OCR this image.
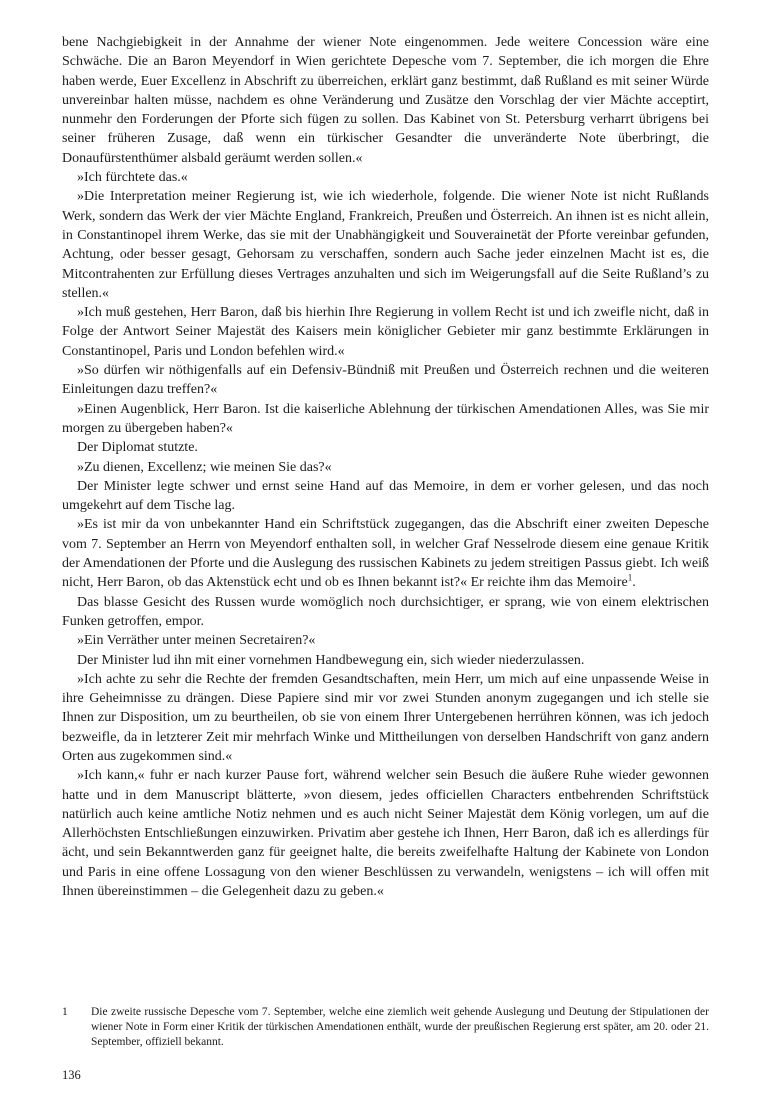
bene Nachgiebigkeit in der Annahme der wiener Note eingenommen. Jede weitere Concession wäre eine Schwäche. Die an Baron Meyendorf in Wien gerichtete Depesche vom 7. September, die ich morgen die Ehre haben werde, Euer Excellenz in Abschrift zu überreichen, erklärt ganz bestimmt, daß Rußland es mit seiner Würde unvereinbar halten müsse, nachdem es ohne Veränderung und Zusätze den Vorschlag der vier Mächte acceptirt, nunmehr den Forderungen der Pforte sich fügen zu sollen. Das Kabinet von St. Petersburg verharrt übrigens bei seiner früheren Zusage, daß wenn ein türkischer Gesandter die unveränderte Note überbringt, die Donaufürstenthümer alsbald geräumt werden sollen.«

»Ich fürchtete das.«

»Die Interpretation meiner Regierung ist, wie ich wiederhole, folgende. Die wiener Note ist nicht Rußlands Werk, sondern das Werk der vier Mächte England, Frankreich, Preußen und Österreich. An ihnen ist es nicht allein, in Constantinopel ihrem Werke, das sie mit der Unabhängigkeit und Souverainetät der Pforte vereinbar gefunden, Achtung, oder besser gesagt, Gehorsam zu verschaffen, sondern auch Sache jeder einzelnen Macht ist es, die Mitcontrahenten zur Erfüllung dieses Vertrages anzuhalten und sich im Weigerungsfall auf die Seite Rußland’s zu stellen.«

»Ich muß gestehen, Herr Baron, daß bis hierhin Ihre Regierung in vollem Recht ist und ich zweifle nicht, daß in Folge der Antwort Seiner Majestät des Kaisers mein königlicher Gebieter mir ganz bestimmte Erklärungen in Constantinopel, Paris und London befehlen wird.«

»So dürfen wir nöthigenfalls auf ein Defensiv-Bündniß mit Preußen und Österreich rechnen und die weiteren Einleitungen dazu treffen?«

»Einen Augenblick, Herr Baron. Ist die kaiserliche Ablehnung der türkischen Amendationen Alles, was Sie mir morgen zu übergeben haben?«

Der Diplomat stutzte.

»Zu dienen, Excellenz; wie meinen Sie das?«

Der Minister legte schwer und ernst seine Hand auf das Memoire, in dem er vorher gelesen, und das noch umgekehrt auf dem Tische lag.

»Es ist mir da von unbekannter Hand ein Schriftstück zugegangen, das die Abschrift einer zweiten Depesche vom 7. September an Herrn von Meyendorf enthalten soll, in welcher Graf Nesselrode diesem eine genaue Kritik der Amendationen der Pforte und die Auslegung des russischen Kabinets zu jedem streitigen Passus giebt. Ich weiß nicht, Herr Baron, ob das Aktenstück echt und ob es Ihnen bekannt ist?« Er reichte ihm das Memoire$^1$.

Das blasse Gesicht des Russen wurde womöglich noch durchsichtiger, er sprang, wie von einem elektrischen Funken getroffen, empor.

»Ein Verräther unter meinen Secretairen?«

Der Minister lud ihn mit einer vornehmen Handbewegung ein, sich wieder niederzulassen.

»Ich achte zu sehr die Rechte der fremden Gesandtschaften, mein Herr, um mich auf eine unpassende Weise in ihre Geheimnisse zu drängen. Diese Papiere sind mir vor zwei Stunden anonym zugegangen und ich stelle sie Ihnen zur Disposition, um zu beurtheilen, ob sie von einem Ihrer Untergebenen herrühren können, was ich jedoch bezweifle, da in letzterer Zeit mir mehrfach Winke und Mittheilungen von derselben Handschrift von ganz andern Orten aus zugekommen sind.«

»Ich kann,« fuhr er nach kurzer Pause fort, während welcher sein Besuch die äußere Ruhe wieder gewonnen hatte und in dem Manuscript blätterte, »von diesem, jedes officiellen Characters entbehrenden Schriftstück natürlich auch keine amtliche Notiz nehmen und es auch nicht Seiner Majestät dem König vorlegen, um auf die Allerhöchsten Entschließungen einzuwirken. Privatim aber gestehe ich Ihnen, Herr Baron, daß ich es allerdings für ächt, und sein Bekanntwerden ganz für geeignet halte, die bereits zweifelhafte Haltung der Kabinete von London und Paris in eine offene Lossagung von den wiener Beschlüssen zu verwandeln, wenigstens – ich will offen mit Ihnen übereinstimmen – die Gelegenheit dazu zu geben.«

1	Die zweite russische Depesche vom 7. September, welche eine ziemlich weit gehende Auslegung und Deutung der Stipulationen der wiener Note in Form einer Kritik der türkischen Amendationen enthält, wurde der preußischen Regierung erst später, am 20. oder 21. September, offiziell bekannt.
136
